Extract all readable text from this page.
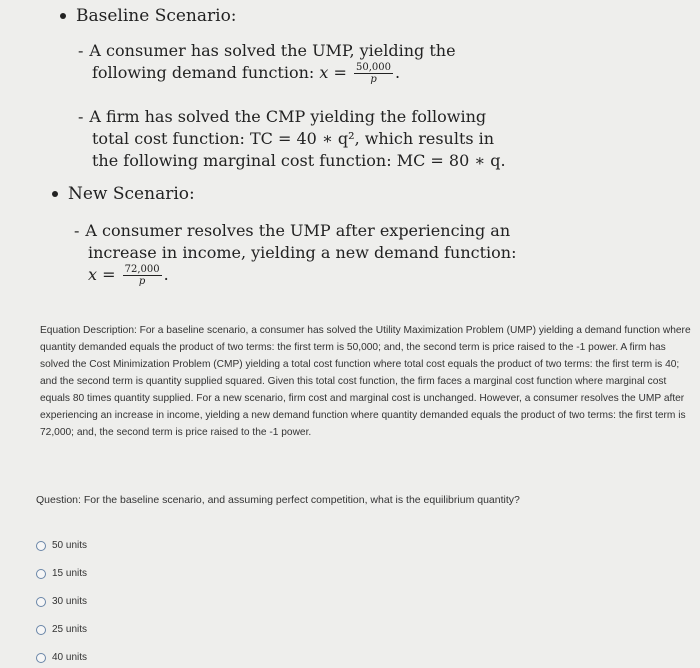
Baseline Scenario:
- A consumer has solved the UMP, yielding the
following demand function: $x = \frac{50,000}{p}$ .
- A firm has solved the CMP yielding the following
total cost function: TC = 40 ∗ q², which results in
the following marginal cost function: MC = 80 ∗ q.
New Scenario:
- A consumer resolves the UMP after experiencing an
increase in income, yielding a new demand function:
$x = \frac{72,000}{p}$ .
Equation Description: For a baseline scenario, a consumer has solved the Utility Maximization Problem (UMP) yielding a demand function where quantity demanded equals the product of two terms: the first term is 50,000; and, the second term is price raised to the -1 power. A firm has solved the Cost Minimization Problem (CMP) yielding a total cost function where total cost equals the product of two terms: the first term is 40; and the second term is quantity supplied squared. Given this total cost function, the firm faces a marginal cost function where marginal cost equals 80 times quantity supplied. For a new scenario, firm cost and marginal cost is unchanged. However, a consumer resolves the UMP after experiencing an increase in income, yielding a new demand function where quantity demanded equals the product of two terms: the first term is 72,000; and, the second term is price raised to the -1 power.
Question: For the baseline scenario, and assuming perfect competition, what is the equilibrium quantity?
50 units
15 units
30 units
25 units
40 units
